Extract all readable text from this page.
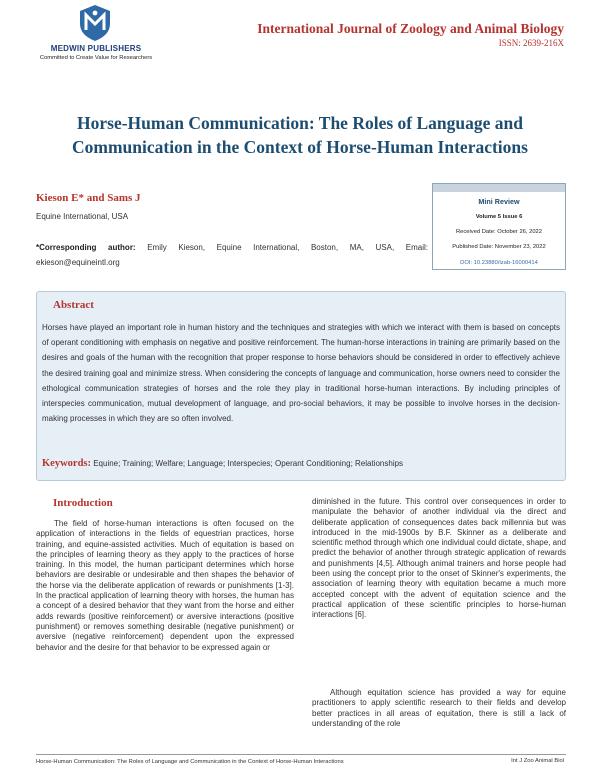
MEDWIN PUBLISHERS
Committed to Create Value for Researchers
International Journal of Zoology and Animal Biology
ISSN: 2639-216X
Horse-Human Communication: The Roles of Language and
Communication in the Context of Horse-Human Interactions
Kieson E* and Sams J
Equine International, USA
*Corresponding author: Emily Kieson, Equine International, Boston, MA, USA, Email: ekieson@equineintl.org
Mini Review
Volume 5 Issue 6
Received Date: October 26, 2022
Published Date: November 23, 2022
DOI: 10.23880/izab-16000414
Abstract
Horses have played an important role in human history and the techniques and strategies with which we interact with them is based on concepts of operant conditioning with emphasis on negative and positive reinforcement. The human-horse interactions in training are primarily based on the desires and goals of the human with the recognition that proper response to horse behaviors should be considered in order to effectively achieve the desired training goal and minimize stress. When considering the concepts of language and communication, horse owners need to consider the ethological communication strategies of horses and the role they play in traditional horse-human interactions. By including principles of interspecies communication, mutual development of language, and pro-social behaviors, it may be possible to involve horses in the decision-making processes in which they are so often involved.
Keywords: Equine; Training; Welfare; Language; Interspecies; Operant Conditioning; Relationships
Introduction

The field of horse-human interactions is often focused on the application of interactions in the fields of equestrian practices, horse training, and equine-assisted activities. Much of equitation is based on the principles of learning theory as they apply to the practices of horse training. In this model, the human participant determines which horse behaviors are desirable or undesirable and then shapes the behavior of the horse via the deliberate application of rewards or punishments [1-3]. In the practical application of learning theory with horses, the human has a concept of a desired behavior that they want from the horse and either adds rewards (positive reinforcement) or aversive interactions (positive punishment) or removes something desirable (negative punishment) or aversive (negative reinforcement) dependent upon the expressed behavior and the desire for that behavior to be expressed again or

diminished in the future. This control over consequences in order to manipulate the behavior of another individual via the direct and deliberate application of consequences dates back millennia but was introduced in the mid-1900s by B.F. Skinner as a deliberate and scientific method through which one individual could dictate, shape, and predict the behavior of another through strategic application of rewards and punishments [4,5]. Although animal trainers and horse people had been using the concept prior to the onset of Skinner's experiments, the association of learning theory with equitation became a much more accepted concept with the advent of equitation science and the practical application of these scientific principles to horse-human interactions [6].

Although equitation science has provided a way for equine practitioners to apply scientific research to their fields and develop better practices in all areas of equitation, there is still a lack of understanding of the role

Horse-Human Communication: The Roles of Language and Communication in the Context of Horse-Human Interactions	Int J Zoo Animal Biol
